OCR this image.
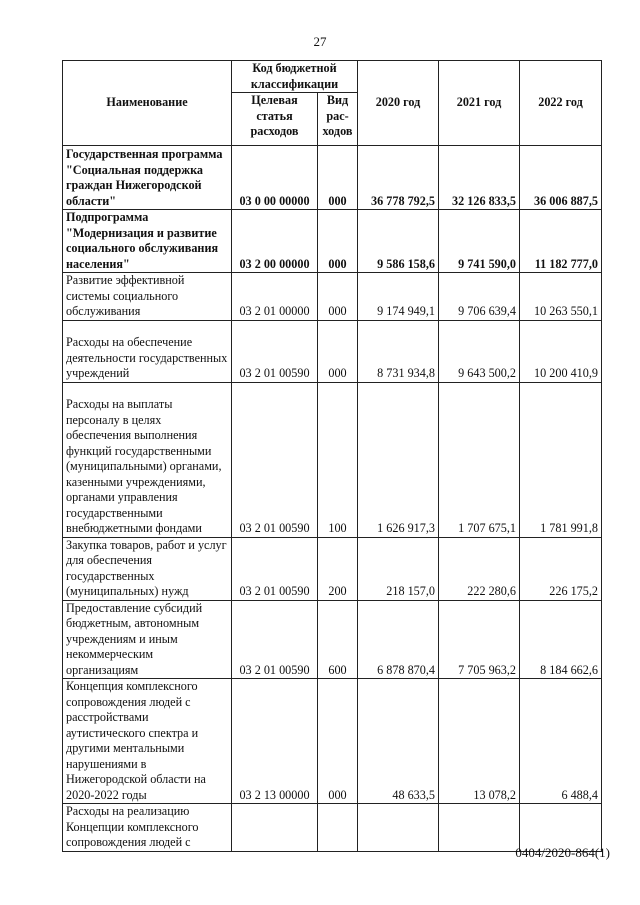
27
Наименование	Код бюджетной классификации		2020 год	2021 год	2022 год
	Целевая статья расходов	Вид рас-ходов			
Государственная программа "Социальная поддержка граждан Нижегородской области"	03 0 00 00000	000	36 778 792,5	32 126 833,5	36 006 887,5
Подпрограмма "Модернизация и развитие социального обслуживания населения"	03 2 00 00000	000	9 586 158,6	9 741 590,0	11 182 777,0
Развитие эффективной системы социального обслуживания	03 2 01 00000	000	9 174 949,1	9 706 639,4	10 263 550,1
Расходы на обеспечение деятельности государственных учреждений	03 2 01 00590	000	8 731 934,8	9 643 500,2	10 200 410,9
Расходы на выплаты персоналу в целях обеспечения выполнения функций государственными (муниципальными) органами, казенными учреждениями, органами управления государственными внебюджетными фондами	03 2 01 00590	100	1 626 917,3	1 707 675,1	1 781 991,8
Закупка товаров, работ и услуг для обеспечения государственных (муниципальных) нужд	03 2 01 00590	200	218 157,0	222 280,6	226 175,2
Предоставление субсидий бюджетным, автономным учреждениям и иным некоммерческим организациям	03 2 01 00590	600	6 878 870,4	7 705 963,2	8 184 662,6
Концепция комплексного сопровождения людей с расстройствами аутистического спектра и другими ментальными нарушениями в Нижегородской области на 2020-2022 годы	03 2 13 00000	000	48 633,5	13 078,2	6 488,4
Расходы на реализацию Концепции комплексного сопровождения людей с					
0404/2020-864(1)
